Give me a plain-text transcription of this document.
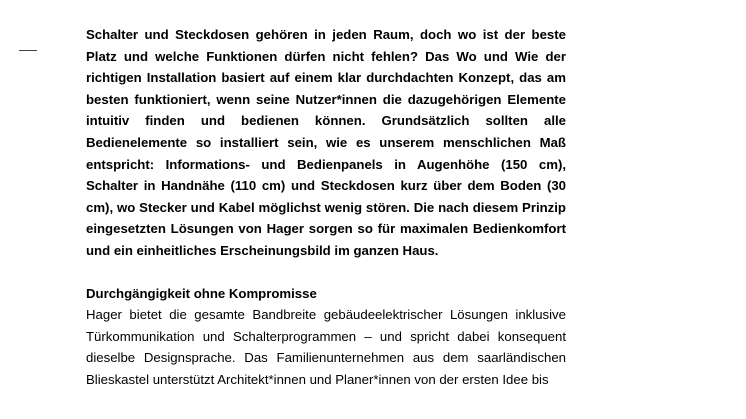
Schalter und Steckdosen gehören in jeden Raum, doch wo ist der beste Platz und welche Funktionen dürfen nicht fehlen? Das Wo und Wie der richtigen Installation basiert auf einem klar durchdachten Konzept, das am besten funktioniert, wenn seine Nutzer*innen die dazugehörigen Elemente intuitiv finden und bedienen können. Grundsätzlich sollten alle Bedienelemente so installiert sein, wie es unserem menschlichen Maß entspricht: Informations- und Bedienpanels in Augenhöhe (150 cm), Schalter in Handnähe (110 cm) und Steckdosen kurz über dem Boden (30 cm), wo Stecker und Kabel möglichst wenig stören. Die nach diesem Prinzip eingesetzten Lösungen von Hager sorgen so für maximalen Bedienkomfort und ein einheitliches Erscheinungsbild im ganzen Haus.

Durchgängigkeit ohne Kompromisse

Hager bietet die gesamte Bandbreite gebäudeelektrischer Lösungen inklusive Türkommunikation und Schalterprogrammen – und spricht dabei konsequent dieselbe Designsprache. Das Familienunternehmen aus dem saarländischen Blieskastel unterstützt Architekt*innen und Planer*innen von der ersten Idee bis
